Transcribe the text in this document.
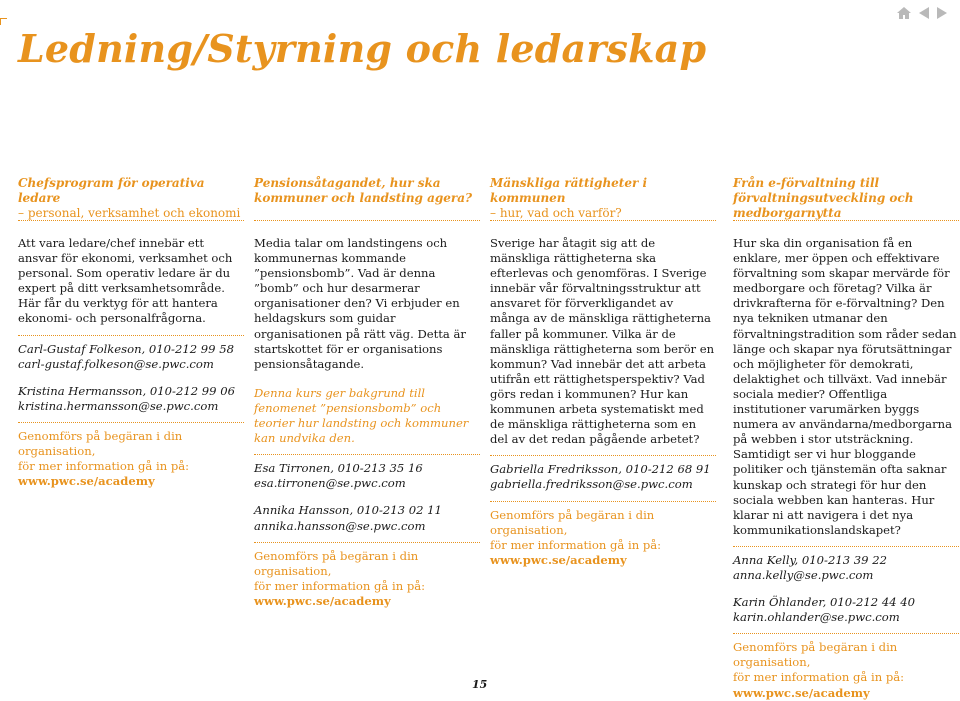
Ledning/Styrning och ledarskap
Chefsprogram för operativa ledare
– personal, verksamhet och ekonomi

Att vara ledare/chef innebär ett ansvar för ekonomi, verksamhet och personal. Som operativ ledare är du expert på ditt verksamhetsområde. Här får du verktyg för att hantera ekonomi- och personalfrågorna.

Carl-Gustaf Folkeson, 010-212 99 58
carl-gustaf.folkeson@se.pwc.com
Kristina Hermansson, 010-212 99 06
kristina.hermansson@se.pwc.com
Genomförs på begäran i din organisation,
för mer information gå in på:
www.pwc.se/academy
Pensionsåtagandet, hur ska kommuner och landsting agera?

Media talar om landstingens och kommunernas kommande ”pensionsbomb”. Vad är denna ”bomb” och hur desarmerar organisationer den? Vi erbjuder en heldagskurs som guidar organisationen på rätt väg. Detta är startskottet för er organisations pensionsåtagande.

Denna kurs ger bakgrund till fenomenet ”pensionsbomb” och teorier hur landsting och kommuner kan undvika den.

Esa Tirronen, 010-213 35 16
esa.tirronen@se.pwc.com
Annika Hansson, 010-213 02 11
annika.hansson@se.pwc.com
Genomförs på begäran i din organisation,
för mer information gå in på:
www.pwc.se/academy
Mänskliga rättigheter i kommunen
– hur, vad och varför?

Sverige har åtagit sig att de mänskliga rättigheterna ska efterlevas och genomföras. I Sverige innebär vår förvaltningsstruktur att ansvaret för förverkligandet av många av de mänskliga rättigheterna faller på kommuner. Vilka är de mänskliga rättigheterna som berör en kommun? Vad innebär det att arbeta utifrån ett rättighetsperspektiv? Vad görs redan i kommunen? Hur kan kommunen arbeta systematiskt med de mänskliga rättigheterna som en del av det redan pågående arbetet?

Gabriella Fredriksson, 010-212 68 91
gabriella.fredriksson@se.pwc.com
Genomförs på begäran i din organisation,
för mer information gå in på:
www.pwc.se/academy
Från e-förvaltning till förvaltningsutveckling och medborgarnytta

Hur ska din organisation få en enklare, mer öppen och effektivare förvaltning som skapar mervärde för medborgare och företag? Vilka är drivkrafterna för e-förvaltning? Den nya tekniken utmanar den förvaltningstradition som råder sedan länge och skapar nya förutsättningar och möjligheter för demokrati, delaktighet och tillväxt. Vad innebär sociala medier? Offentliga institutioner varumärken byggs numera av användarna/medborgarna på webben i stor utsträckning. Samtidigt ser vi hur bloggande politiker och tjänstemän ofta saknar kunskap och strategi för hur den sociala webben kan hanteras. Hur klarar ni att navigera i det nya kommunikationslandskapet?

Anna Kelly, 010-213 39 22
anna.kelly@se.pwc.com
Karin Öhlander, 010-212 44 40
karin.ohlander@se.pwc.com
Genomförs på begäran i din organisation,
för mer information gå in på:
www.pwc.se/academy
15
